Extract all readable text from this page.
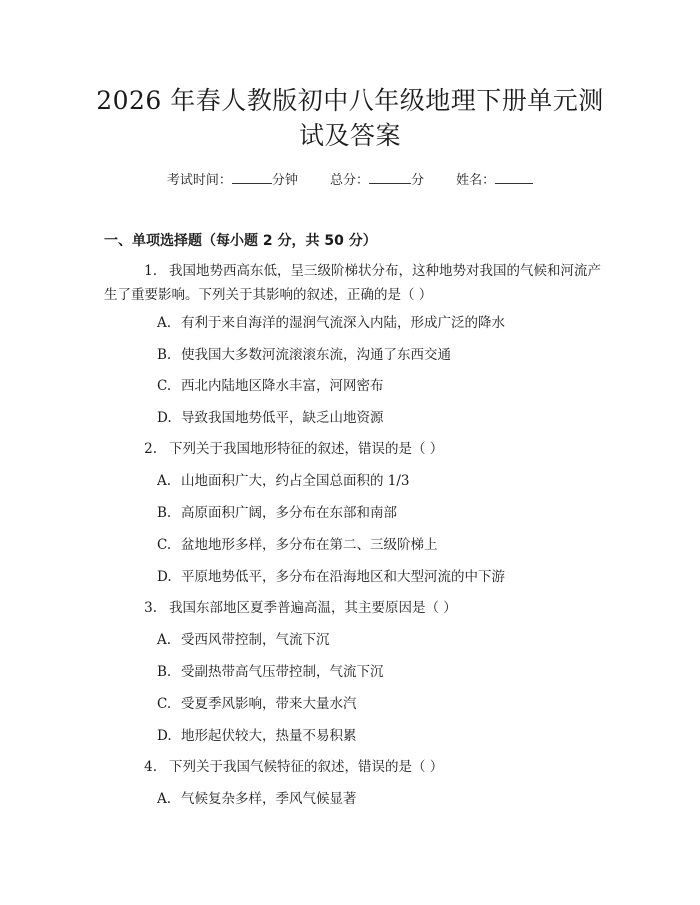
2026 年春人教版初中八年级地理下册单元测
试及答案
考试时间：	分钟 总分：	分 姓名：
一、单项选择题（每小题 2 分，共 50 分）
1. 我国地势西高东低，呈三级阶梯状分布，这种地势对我国的气候和河流产
生了重要影响。下列关于其影响的叙述，正确的是（ ）
A. 有利于来自海洋的湿润气流深入内陆，形成广泛的降水
B. 使我国大多数河流滚滚东流，沟通了东西交通
C. 西北内陆地区降水丰富，河网密布
D. 导致我国地势低平，缺乏山地资源
2. 下列关于我国地形特征的叙述，错误的是（ ）
A. 山地面积广大，约占全国总面积的 1/3
B. 高原面积广阔，多分布在东部和南部
C. 盆地地形多样，多分布在第二、三级阶梯上
D. 平原地势低平，多分布在沿海地区和大型河流的中下游
3. 我国东部地区夏季普遍高温，其主要原因是（ ）
A. 受西风带控制，气流下沉
B. 受副热带高气压带控制，气流下沉
C. 受夏季风影响，带来大量水汽
D. 地形起伏较大，热量不易积累
4. 下列关于我国气候特征的叙述，错误的是（ ）
A. 气候复杂多样，季风气候显著
